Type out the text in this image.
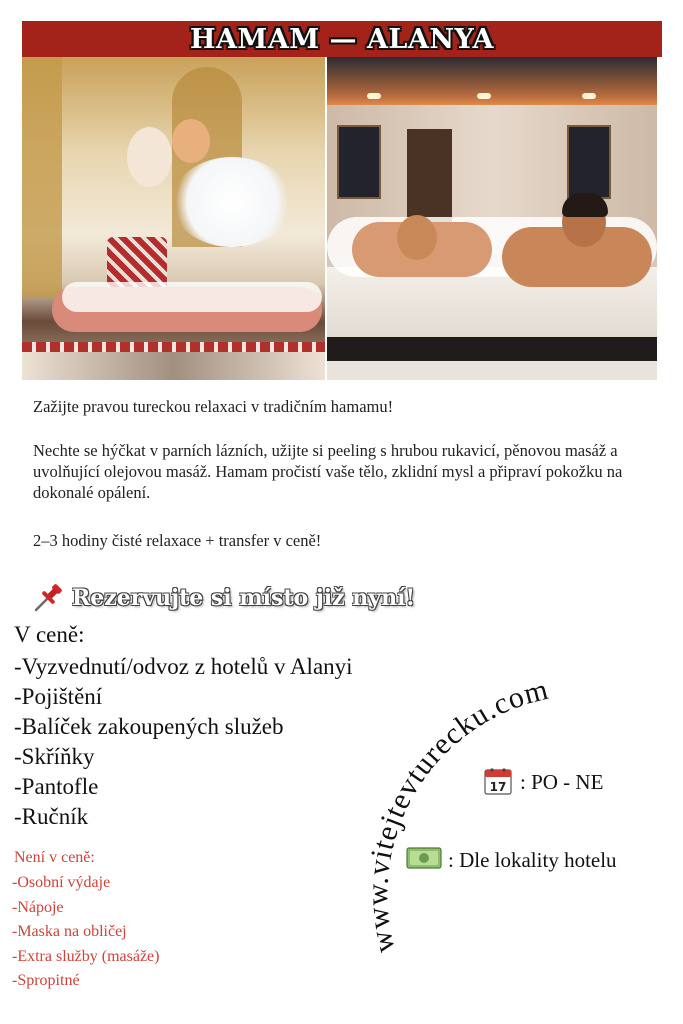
HAMAM — ALANYA
Zažijte pravou tureckou relaxaci v tradičním hamamu!
Nechte se hýčkat v parních lázních, užijte si peeling s hrubou rukavicí, pěnovou masáž a uvolňující olejovou masáž. Hamam pročistí vaše tělo, zklidní mysl a připraví pokožku na dokonalé opálení.
2–3 hodiny čisté relaxace + transfer v ceně!
Rezervujte si místo již nyní!
V ceně:
-Vyzvednutí/odvoz z hotelů v Alanyi
-Pojištění
-Balíček zakoupených služeb
-Skříňky
-Pantofle
-Ručník
Není v ceně:
-Osobní výdaje
-Nápoje
-Maska na obličej
-Extra služby (masáže)
-Spropitné
www.vitejtevturecku.com
17 : PO - NE
: Dle lokality hotelu
